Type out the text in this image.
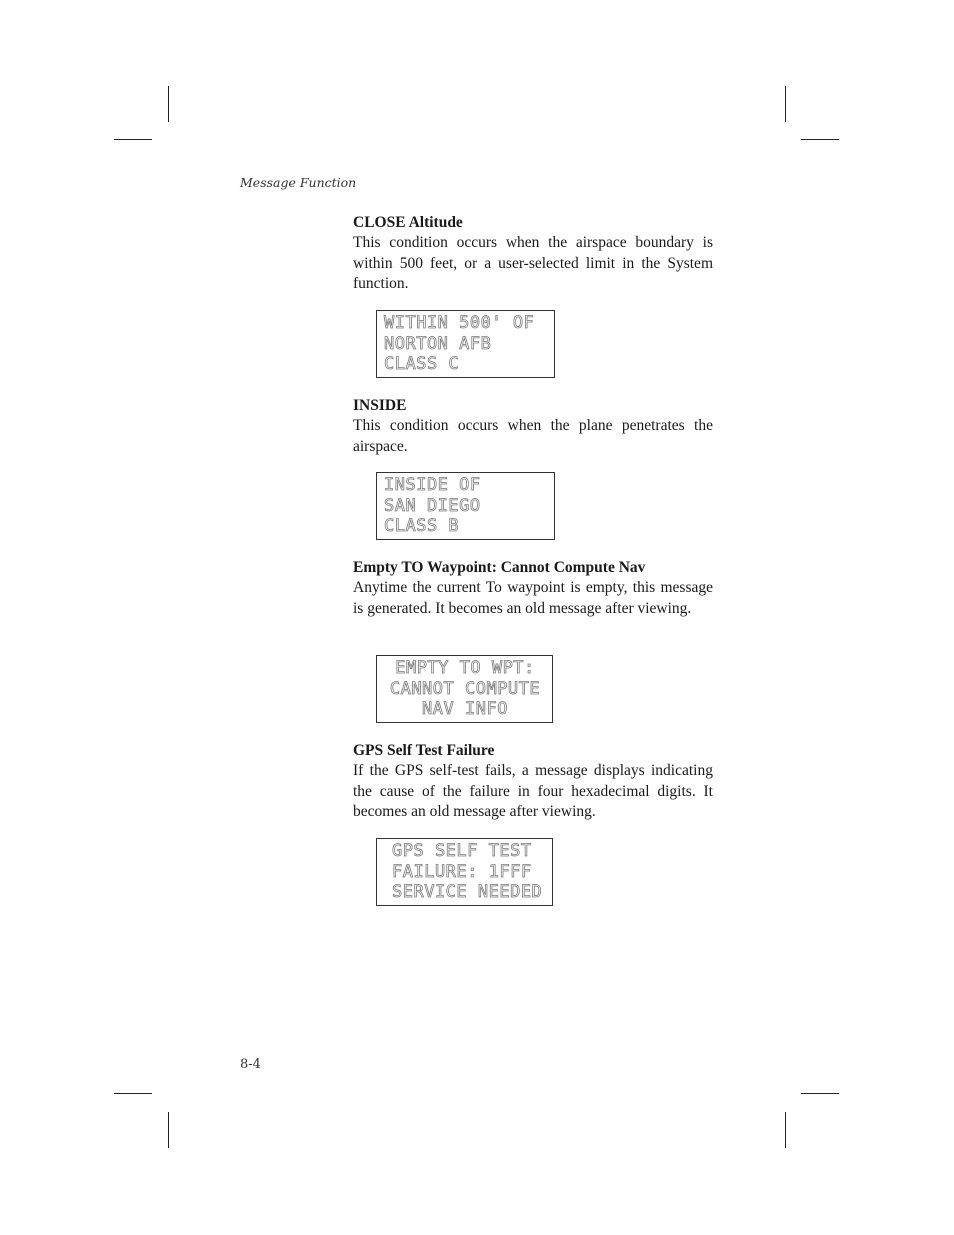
Message Function
CLOSE Altitude

This condition occurs when the airspace boundary is within 500 feet, or a user-selected limit in the System function.

WITHIN 500' OF
NORTON AFB
CLASS C
INSIDE

This condition occurs when the plane penetrates the airspace.

INSIDE OF
SAN DIEGO
CLASS B
Empty TO Waypoint: Cannot Compute Nav

Anytime the current To waypoint is empty, this message is generated. It becomes an old message after viewing.

EMPTY TO WPT:
CANNOT COMPUTE
NAV INFO
GPS Self Test Failure

If the GPS self-test fails, a message displays indicating the cause of the failure in four hexadecimal digits. It becomes an old message after viewing.

GPS SELF TEST
FAILURE: 1FFF
SERVICE NEEDED
8-4
